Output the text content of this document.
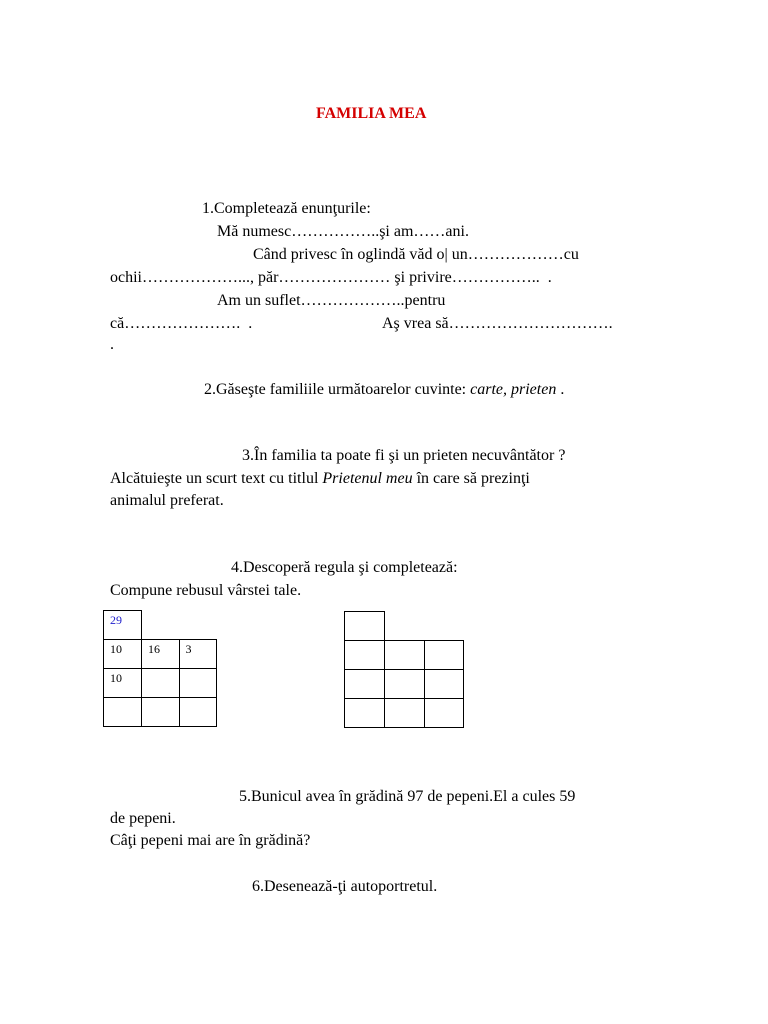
FAMILIA MEA
1.Completează enunţurile:
Mă numesc……………..şi am……ani.
Când privesc în oglindă văd o| un………………cu
ochii………………..., păr………………… şi privire……………..  .
Am un suflet………………..pentru
că………………….  .	Aş vrea să………………………….
.
2.Găseşte familiile următoarelor cuvinte: carte, prieten .
3.În familia ta poate fi şi un prieten necuvântător ?
Alcătuieşte un scurt text cu titlul Prietenul meu în care să prezinţi
animalul preferat.
4.Descoperă regula şi completează:
Compune rebusul vârstei tale.
29		
10	16	3
10		

5.Bunicul avea în grădină 97 de pepeni.El a cules 59
de pepeni.
Câţi pepeni mai are în grădină?
6.Desenează-ţi autoportretul.
